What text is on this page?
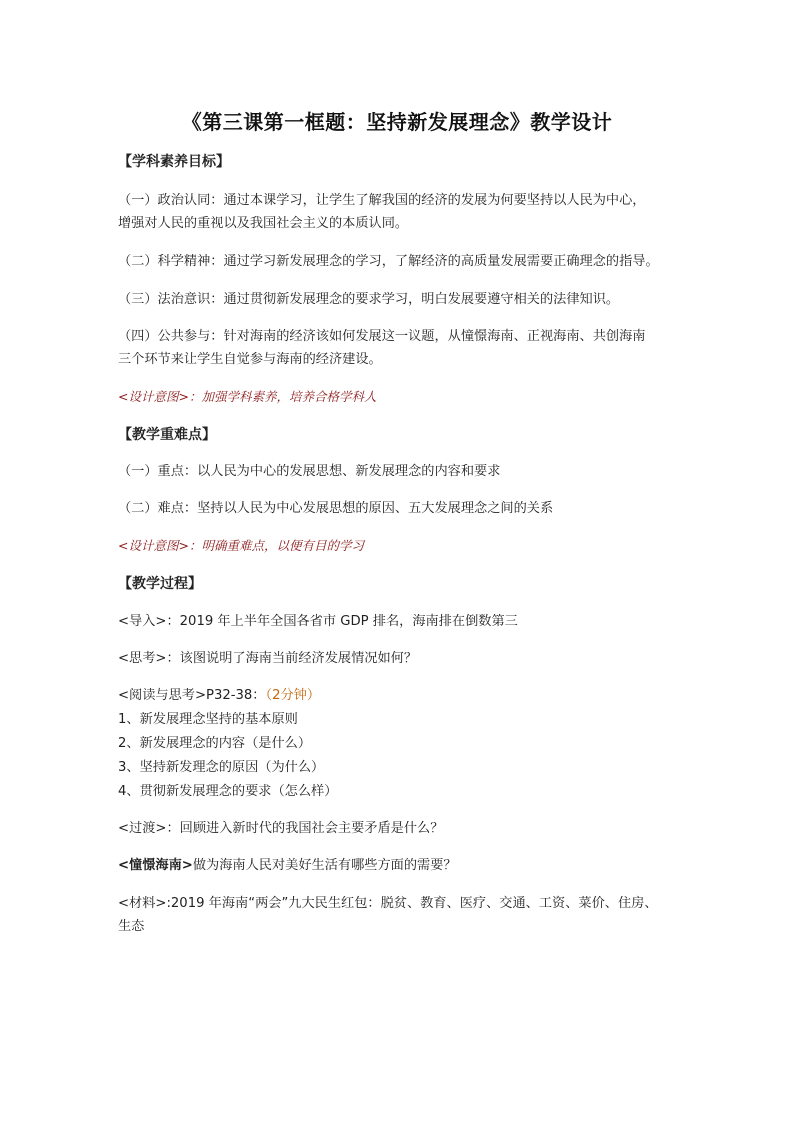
《第三课第一框题：坚持新发展理念》教学设计
【学科素养目标】
（一）政治认同：通过本课学习，让学生了解我国的经济的发展为何要坚持以人民为中心，
增强对人民的重视以及我国社会主义的本质认同。
（二）科学精神：通过学习新发展理念的学习，了解经济的高质量发展需要正确理念的指导。
（三）法治意识：通过贯彻新发展理念的要求学习，明白发展要遵守相关的法律知识。
（四）公共参与：针对海南的经济该如何发展这一议题，从憧憬海南、正视海南、共创海南
三个环节来让学生自觉参与海南的经济建设。
<设计意图>：加强学科素养，培养合格学科人
【教学重难点】
（一）重点：以人民为中心的发展思想、新发展理念的内容和要求
（二）难点：坚持以人民为中心发展思想的原因、五大发展理念之间的关系
<设计意图>：明确重难点，以便有目的学习
【教学过程】
<导入>：2019 年上半年全国各省市 GDP 排名，海南排在倒数第三
<思考>：该图说明了海南当前经济发展情况如何？
<阅读与思考>P32-38：（2分钟）
1、新发展理念坚持的基本原则
2、新发展理念的内容（是什么）
3、坚持新发理念的原因（为什么）
4、贯彻新发展理念的要求（怎么样）
<过渡>：回顾进入新时代的我国社会主要矛盾是什么？
<憧憬海南>做为海南人民对美好生活有哪些方面的需要？
<材料>:2019 年海南“两会”九大民生红包：脱贫、教育、医疗、交通、工资、菜价、住房、
生态
